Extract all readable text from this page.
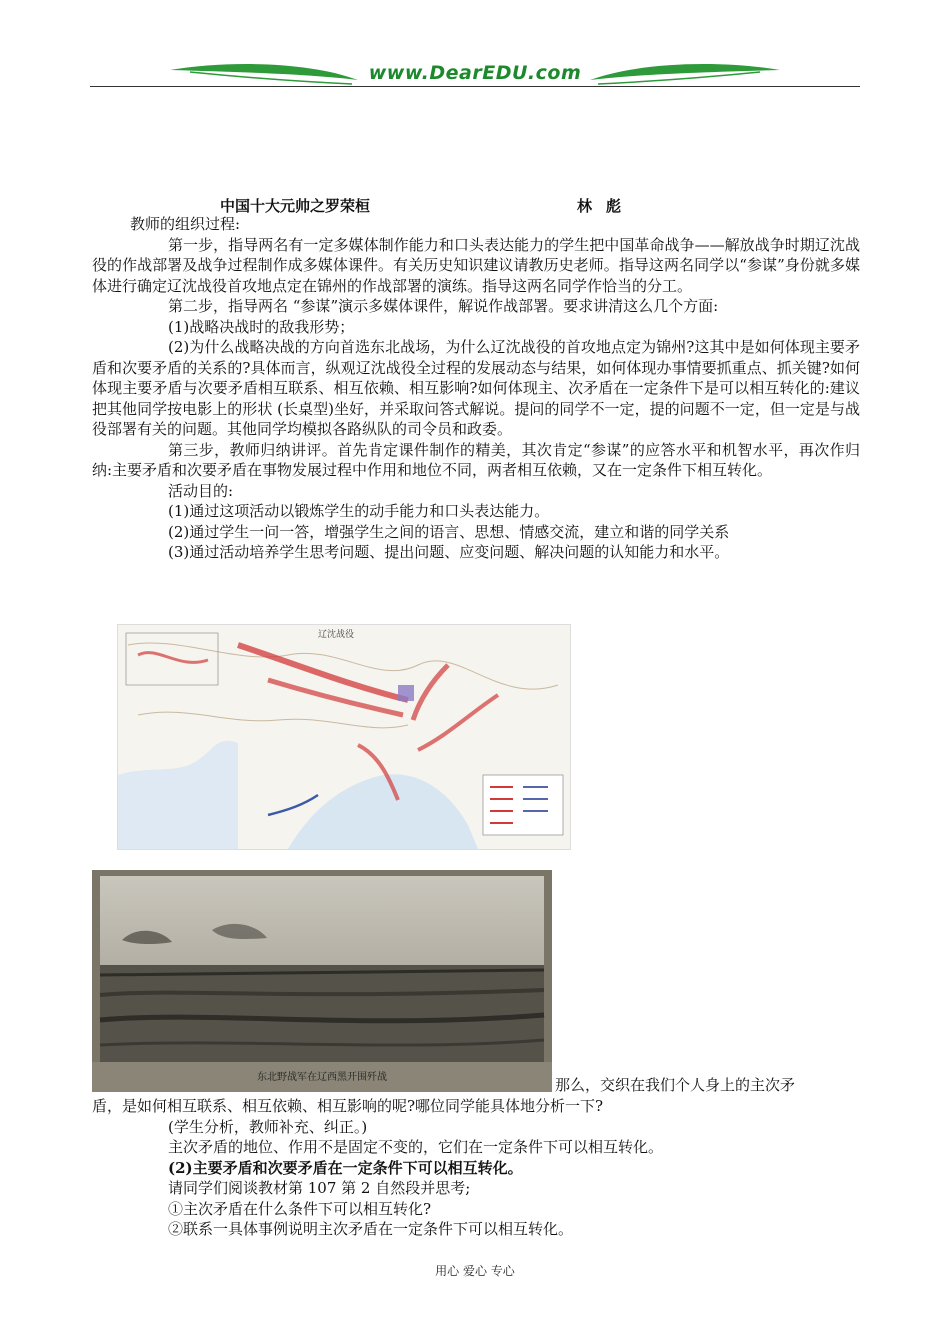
www.DearEDU.com
中国十大元帅之罗荣桓	林彪

教师的组织过程:

第一步，指导两名有一定多媒体制作能力和口头表达能力的学生把中国革命战争——解放战争时期辽沈战役的作战部署及战争过程制作成多媒体课件。有关历史知识建议请教历史老师。指导这两名同学以“参谋”身份就多媒体进行确定辽沈战役首攻地点定在锦州的作战部署的演练。指导这两名同学作恰当的分工。

第二步，指导两名 “参谋”演示多媒体课件，解说作战部署。要求讲清这么几个方面:

(1)战略决战时的敌我形势；

(2)为什么战略决战的方向首选东北战场，为什么辽沈战役的首攻地点定为锦州?这其中是如何体现主要矛盾和次要矛盾的关系的?具体而言，纵观辽沈战役全过程的发展动态与结果，如何体现办事情要抓重点、抓关键?如何体现主要矛盾与次要矛盾相互联系、相互依赖、相互影响?如何体现主、次矛盾在一定条件下是可以相互转化的:建议把其他同学按电影上的形状 (长桌型)坐好，并采取问答式解说。提问的同学不一定，提的问题不一定，但一定是与战役部署有关的问题。其他同学均模拟各路纵队的司令员和政委。

第三步，教师归纳讲评。首先肯定课件制作的精美，其次肯定“参谋”的应答水平和机智水平，再次作归纳:主要矛盾和次要矛盾在事物发展过程中作用和地位不同，两者相互依赖，又在一定条件下相互转化。

活动目的:

(1)通过这项活动以锻炼学生的动手能力和口头表达能力。

(2)通过学生一问一答，增强学生之间的语言、思想、情感交流，建立和谐的同学关系

(3)通过活动培养学生思考问题、提出问题、应变问题、解决问题的认知能力和水平。

辽沈战役
东北野战军在辽西黑开围歼战	那么，交织在我们个人身上的主次矛

盾，是如何相互联系、相互依赖、相互影响的呢?哪位同学能具体地分析一下?

(学生分析，教师补充、纠正。)

主次矛盾的地位、作用不是固定不变的，它们在一定条件下可以相互转化。

(2)主要矛盾和次要矛盾在一定条件下可以相互转化。

请同学们阅谈教材第 107 第 2 自然段并思考;

①主次矛盾在什么条件下可以相互转化?

②联系一具体事例说明主次矛盾在一定条件下可以相互转化。

用心 爱心 专心
